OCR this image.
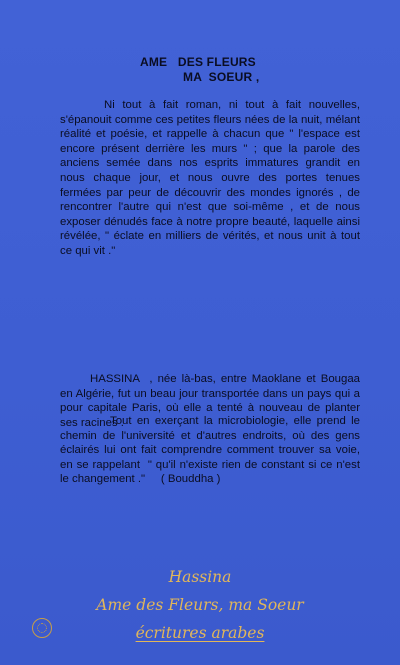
AME   DES FLEURS
MA  SOEUR ,

Ni tout à fait roman, ni tout à fait nouvelles, s'épanouit comme ces petites fleurs nées de la nuit, mélant réalité et poésie, et rappelle à chacun que " l'espace est encore présent derrière les murs " ; que la parole des anciens semée dans nos esprits immatures grandit en nous chaque jour, et nous ouvre des portes tenues fermées par peur de découvrir des mondes ignorés , de rencontrer l'autre qui n'est que soi-même , et de nous exposer dénudés face à notre propre beauté, laquelle ainsi révélée, " éclate en milliers de vérités, et nous unit à tout ce qui vit ."

HASSINA  , née là-bas, entre Maoklane et Bougaa  en Algérie, fut un beau jour transportée dans un pays qui a pour capitale Paris, où elle a tenté à nouveau de planter  ses racines .

Tout en exerçant la microbiologie, elle prend le chemin de l'université et d'autres endroits, où des gens éclairés lui ont fait comprendre comment trouver sa voie, en se rappelant  " qu'il n'existe rien de constant si ce n'est  le changement ."     ( Bouddha )

Hassina
Ame des Fleurs, ma Soeur
écritures arabes
